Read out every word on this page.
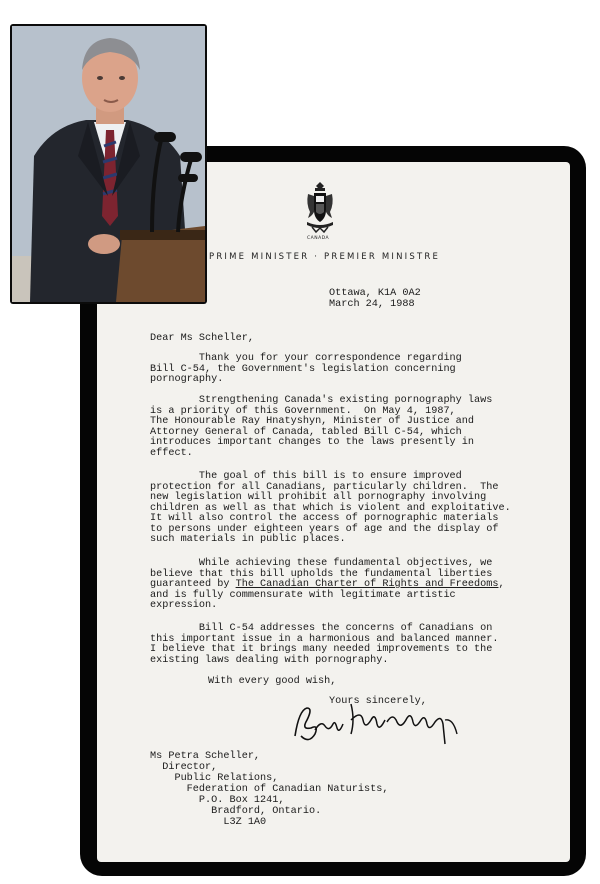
CANADA
PRIME MINISTER · PREMIER MINISTRE
Ottawa, K1A 0A2
March 24, 1988
Dear Ms Scheller,
Thank you for your correspondence regarding
Bill C-54, the Government's legislation concerning
pornography.
Strengthening Canada's existing pornography laws
is a priority of this Government.  On May 4, 1987,
The Honourable Ray Hnatyshyn, Minister of Justice and
Attorney General of Canada, tabled Bill C-54, which
introduces important changes to the laws presently in
effect.
The goal of this bill is to ensure improved
protection for all Canadians, particularly children.  The
new legislation will prohibit all pornography involving
children as well as that which is violent and exploitative.
It will also control the access of pornographic materials
to persons under eighteen years of age and the display of
such materials in public places.
While achieving these fundamental objectives, we
believe that this bill upholds the fundamental liberties
guaranteed by The Canadian Charter of Rights and Freedoms,
and is fully commensurate with legitimate artistic
expression.
Bill C-54 addresses the concerns of Canadians on
this important issue in a harmonious and balanced manner.
I believe that it brings many needed improvements to the
existing laws dealing with pornography.
With every good wish,
Yours sincerely,
Ms Petra Scheller,
Director,
Public Relations,
Federation of Canadian Naturists,
P.O. Box 1241,
Bradford, Ontario.
L3Z 1A0
